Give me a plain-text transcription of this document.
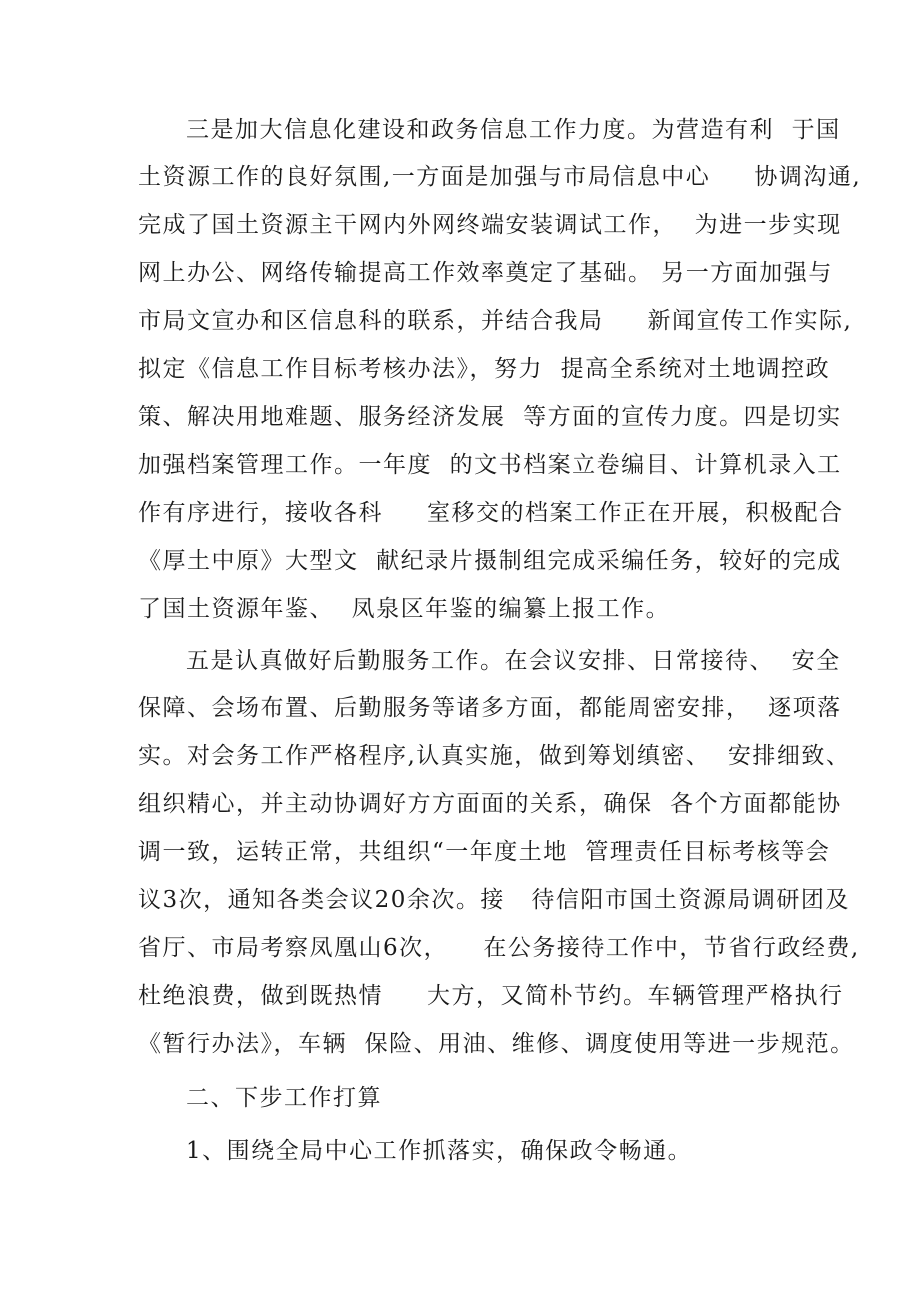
三是加大信息化建设和政务信息工作力度。为营造有利  于国
土资源工作的良好氛围,一方面是加强与市局信息中心     协调沟通,
完成了国土资源主干网内外网终端安装调试工作，  为进一步实现
网上办公、网络传输提高工作效率奠定了基础。 另一方面加强与
市局文宣办和区信息科的联系，并结合我局     新闻宣传工作实际,
拟定《信息工作目标考核办法》，努力  提高全系统对土地调控政
策、解决用地难题、服务经济发展  等方面的宣传力度。四是切实
加强档案管理工作。一年度  的文书档案立卷编目、计算机录入工
作有序进行，接收各科     室移交的档案工作正在开展，积极配合
《厚土中原》大型文  献纪录片摄制组完成采编任务，较好的完成
了国土资源年鉴、  凤泉区年鉴的编纂上报工作。
五是认真做好后勤服务工作。在会议安排、日常接待、  安全
保障、会场布置、后勤服务等诸多方面，都能周密安排，  逐项落
实。对会务工作严格程序,认真实施，做到筹划缜密、  安排细致、
组织精心，并主动协调好方方面面的关系，确保  各个方面都能协
调一致，运转正常，共组织“一年度土地  管理责任目标考核等会
议3次，通知各类会议20余次。接   待信阳市国土资源局调研团及
省厅、市局考察凤凰山6次，    在公务接待工作中，节省行政经费,
杜绝浪费，做到既热情     大方，又简朴节约。车辆管理严格执行
《暂行办法》，车辆  保险、用油、维修、调度使用等进一步规范。
二、下步工作打算
1、围绕全局中心工作抓落实，确保政令畅通。
